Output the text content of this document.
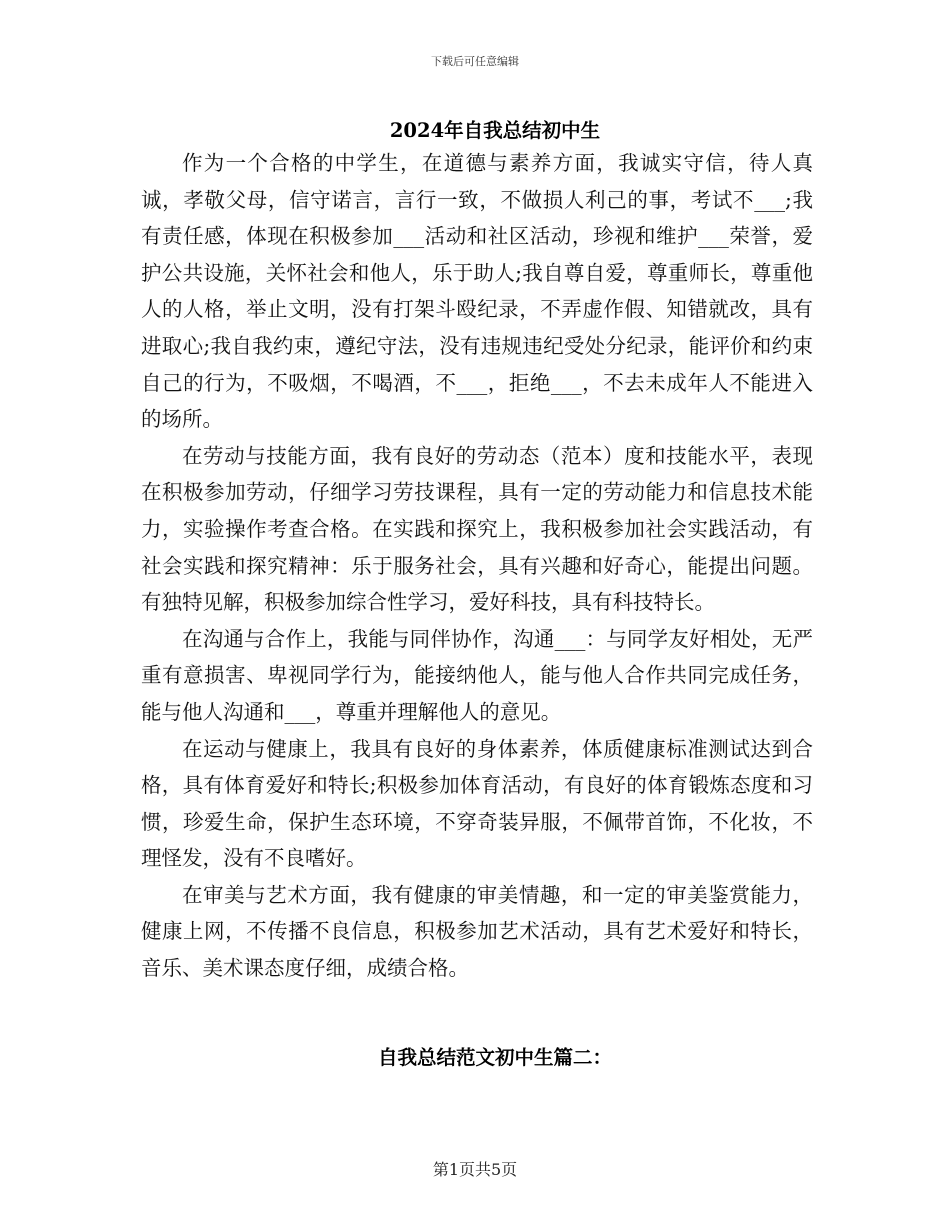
下载后可任意编辑
2024年自我总结初中生

作为一个合格的中学生，在道德与素养方面，我诚实守信，待人真诚，孝敬父母，信守诺言，言行一致，不做损人利己的事，考试不___;我有责任感，体现在积极参加___活动和社区活动，珍视和维护___荣誉，爱护公共设施，关怀社会和他人，乐于助人;我自尊自爱，尊重师长，尊重他人的人格，举止文明，没有打架斗殴纪录，不弄虚作假、知错就改，具有进取心;我自我约束，遵纪守法，没有违规违纪受处分纪录，能评价和约束自己的行为，不吸烟，不喝酒，不___，拒绝___，不去未成年人不能进入的场所。

在劳动与技能方面，我有良好的劳动态（范本）度和技能水平，表现在积极参加劳动，仔细学习劳技课程，具有一定的劳动能力和信息技术能力，实验操作考查合格。在实践和探究上，我积极参加社会实践活动，有社会实践和探究精神：乐于服务社会，具有兴趣和好奇心，能提出问题。有独特见解，积极参加综合性学习，爱好科技，具有科技特长。

在沟通与合作上，我能与同伴协作，沟通___：与同学友好相处，无严重有意损害、卑视同学行为，能接纳他人，能与他人合作共同完成任务，能与他人沟通和___，尊重并理解他人的意见。

在运动与健康上，我具有良好的身体素养，体质健康标准测试达到合格，具有体育爱好和特长;积极参加体育活动，有良好的体育锻炼态度和习惯，珍爱生命，保护生态环境，不穿奇装异服，不佩带首饰，不化妆，不理怪发，没有不良嗜好。

在审美与艺术方面，我有健康的审美情趣，和一定的审美鉴赏能力，健康上网，不传播不良信息，积极参加艺术活动，具有艺术爱好和特长，音乐、美术课态度仔细，成绩合格。

自我总结范文初中生篇二：
第1页共5页
